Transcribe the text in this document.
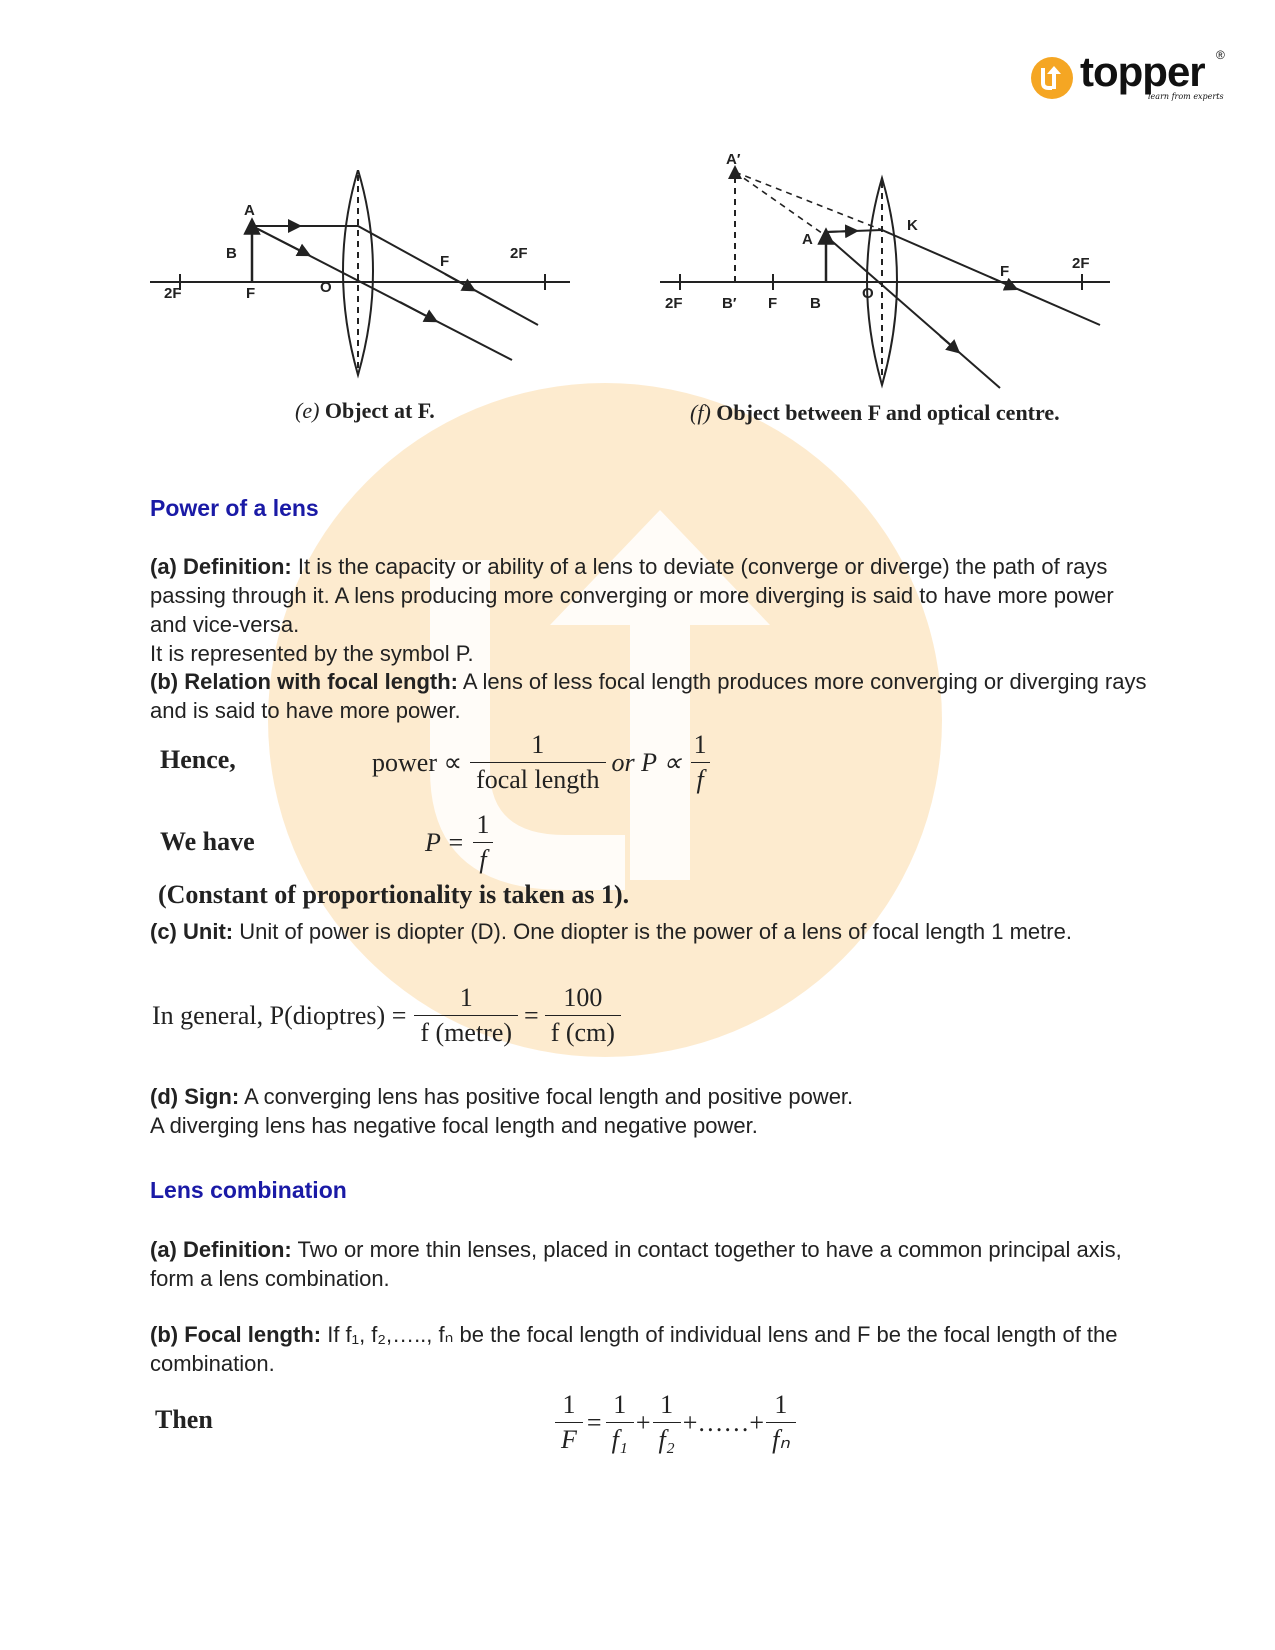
topper ®
learn from experts
A
B
2F	F	O
F	2F
(e) Object at F.
A′
A
K
2F	B′ F B
O
F	2F
(f) Object between F and optical centre.
Power of a lens
(a) Definition: It is the capacity or ability of a lens to deviate (converge or diverge) the path of rays passing through it. A lens producing more converging or more diverging is said to have more power and vice-versa.
It is represented by the symbol P.
(b) Relation with focal length: A lens of less focal length produces more converging or diverging rays and is said to have more power.
Hence,	power ∝ $\frac{1}{\text{focal length}}$ or $P \propto \frac{1}{f}$
We have	$P = \frac{1}{f}$
(Constant of proportionality is taken as 1).
(c) Unit: Unit of power is diopter (D). One diopter is the power of a lens of focal length 1 metre.
In general, P(dioptres) = $\frac{1}{\text{f (metre)}} = \frac{100}{f (cm)}$
(d) Sign: A converging lens has positive focal length and positive power.
A diverging lens has negative focal length and negative power.
Lens combination
(a) Definition: Two or more thin lenses, placed in contact together to have a common principal axis, form a lens combination.
(b) Focal length: If f₁, f₂,….., fₙ be the focal length of individual lens and F be the focal length of the combination.
Then	$\frac{1}{F} = \frac{1}{\text{f₁}} + \frac{1}{\text{f₂}}$ +……+ $\frac{1}{\text{fₙ}}$
